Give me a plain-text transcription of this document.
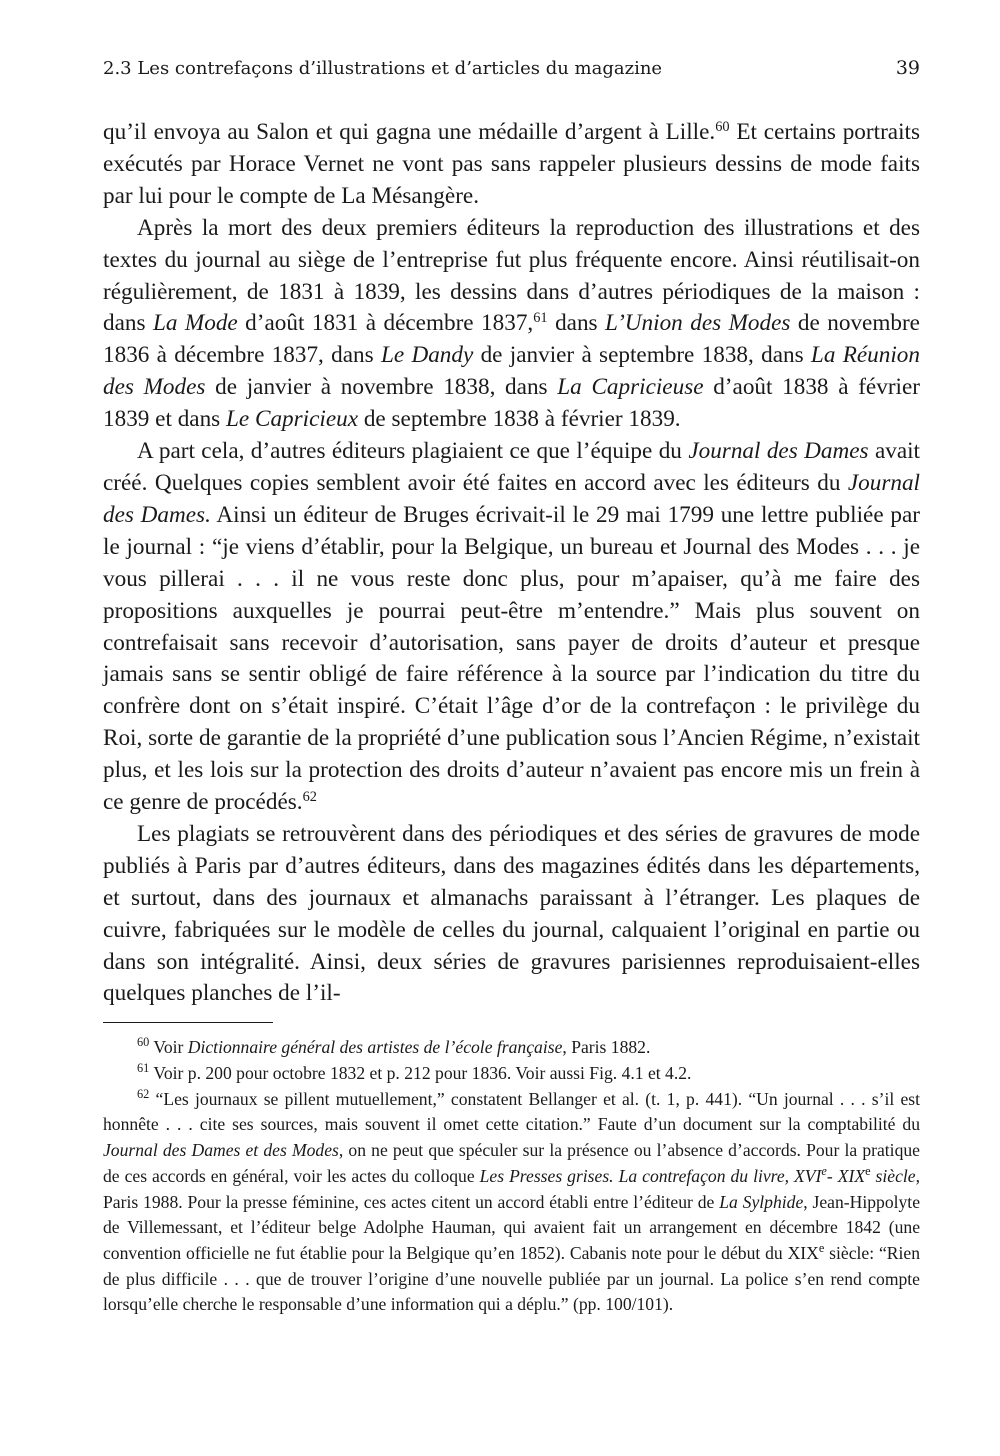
2.3 Les contrefaçons d’illustrations et d’articles du magazine	39

qu’il envoya au Salon et qui gagna une médaille d’argent à Lille.$^{60}$ Et certains portraits exécutés par Horace Vernet ne vont pas sans rappeler plusieurs dessins de mode faits par lui pour le compte de La Mésangère.

Après la mort des deux premiers éditeurs la reproduction des illustrations et des textes du journal au siège de l’entreprise fut plus fréquente encore. Ainsi réutilisait-on régulièrement, de 1831 à 1839, les dessins dans d’autres périodiques de la maison : dans La Mode d’août 1831 à décembre 1837,61 dans L’Union des Modes de novembre 1836 à décembre 1837, dans Le Dandy de janvier à septembre 1838, dans La Réunion des Modes de janvier à novembre 1838, dans La Capricieuse d’août 1838 à février 1839 et dans Le Capricieux de septembre 1838 à février 1839.

A part cela, d’autres éditeurs plagiaient ce que l’équipe du Journal des Dames avait créé. Quelques copies semblent avoir été faites en accord avec les éditeurs du Journal des Dames. Ainsi un éditeur de Bruges écrivait-il le 29 mai 1799 une lettre publiée par le journal : “je viens d’établir, pour la Belgique, un bureau et Journal des Modes . . . je vous pillerai . . . il ne vous reste donc plus, pour m’apaiser, qu’à me faire des propositions auxquelles je pourrai peut-être m’entendre.” Mais plus souvent on contrefaisait sans recevoir d’autorisation, sans payer de droits d’auteur et presque jamais sans se sentir obligé de faire référence à la source par l’indication du titre du confrère dont on s’était inspiré. C’était l’âge d’or de la contrefaçon : le privilège du Roi, sorte de garantie de la propriété d’une publication sous l’Ancien Régime, n’existait plus, et les lois sur la protection des droits d’auteur n’avaient pas encore mis un frein à ce genre de procédés.$^{62}$

Les plagiats se retrouvèrent dans des périodiques et des séries de gravures de mode publiés à Paris par d’autres éditeurs, dans des magazines édités dans les départements, et surtout, dans des journaux et almanachs paraissant à l’étranger. Les plaques de cuivre, fabriquées sur le modèle de celles du journal, calquaient l’original en partie ou dans son intégralité. Ainsi, deux séries de gravures parisiennes reproduisaient-elles quelques planches de l’il-

$^{60}$ Voir Dictionnaire général des artistes de l’école française, Paris 1882.

$^{61}$ Voir p. 200 pour octobre 1832 et p. 212 pour 1836. Voir aussi Fig. 4.1 et 4.2.

$^{62}$ “Les journaux se pillent mutuellement,” constatent Bellanger et al. (t. 1, p. 441). “Un journal . . . s’il est honnête . . . cite ses sources, mais souvent il omet cette citation.” Faute d’un document sur la comptabilité du Journal des Dames et des Modes, on ne peut que spéculer sur la présence ou l’absence d’accords. Pour la pratique de ces accords en général, voir les actes du colloque Les Presses grises. La contrefaçon du livre, XVIe- XIXe siècle, Paris 1988. Pour la presse féminine, ces actes citent un accord établi entre l’éditeur de La Sylphide, Jean-Hippolyte de Villemessant, et l’éditeur belge Adolphe Hauman, qui avaient fait un arrangement en décembre 1842 (une convention officielle ne fut établie pour la Belgique qu’en 1852). Cabanis note pour le début du XIXe siècle: “Rien de plus difficile . . . que de trouver l’origine d’une nouvelle publiée par un journal. La police s’en rend compte lorsqu’elle cherche le responsable d’une information qui a déplu.” (pp. 100/101).
